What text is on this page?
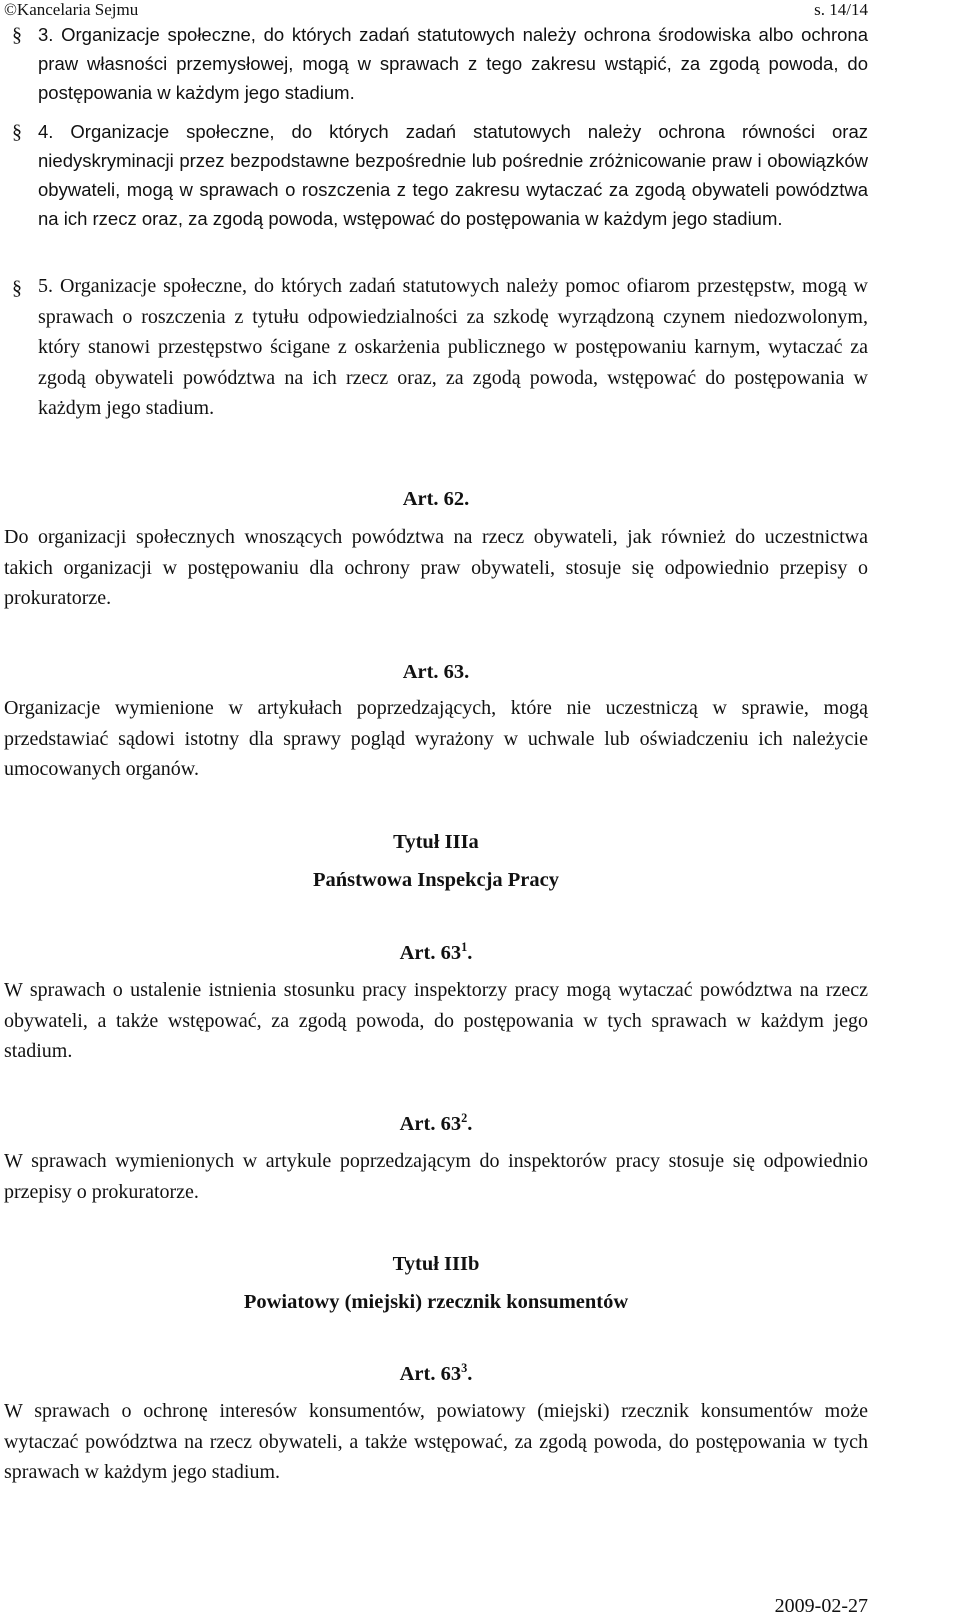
©Kancelaria Sejmu	s. 14/14
§ 3. Organizacje społeczne, do których zadań statutowych należy ochrona środowiska albo ochrona praw własności przemysłowej, mogą w sprawach z tego zakresu wstąpić, za zgodą powoda, do postępowania w każdym jego stadium.

§ 4. Organizacje społeczne, do których zadań statutowych należy ochrona równości oraz niedyskryminacji przez bezpodstawne bezpośrednie lub pośrednie zróżnicowanie praw i obowiązków obywateli, mogą w sprawach o roszczenia z tego zakresu wytaczać za zgodą obywateli powództwa na ich rzecz oraz, za zgodą powoda, wstępować do postępowania w każdym jego stadium.

§ 5. Organizacje społeczne, do których zadań statutowych należy pomoc ofiarom przestępstw, mogą w sprawach o roszczenia z tytułu odpowiedzialności za szkodę wyrządzoną czynem niedozwolonym, który stanowi przestępstwo ścigane z oskarżenia publicznego w postępowaniu karnym, wytaczać za zgodą obywateli powództwa na ich rzecz oraz, za zgodą powoda, wstępować do postępowania w każdym jego stadium.

Art. 62.

Do organizacji społecznych wnoszących powództwa na rzecz obywateli, jak również do uczestnictwa takich organizacji w postępowaniu dla ochrony praw obywateli, stosuje się odpowiednio przepisy o prokuratorze.

Art. 63.

Organizacje wymienione w artykułach poprzedzających, które nie uczestniczą w sprawie, mogą przedstawiać sądowi istotny dla sprawy pogląd wyrażony w uchwale lub oświadczeniu ich należycie umocowanych organów.

Tytuł IIIa
Państwowa Inspekcja Pracy
Art. $63^1$.

W sprawach o ustalenie istnienia stosunku pracy inspektorzy pracy mogą wytaczać powództwa na rzecz obywateli, a także wstępować, za zgodą powoda, do postępowania w tych sprawach w każdym jego stadium.

Art. $63^2$.

W sprawach wymienionych w artykule poprzedzającym do inspektorów pracy stosuje się odpowiednio przepisy o prokuratorze.

Tytuł IIIb
Powiatowy (miejski) rzecznik konsumentów
Art. $63^3$.

W sprawach o ochronę interesów konsumentów, powiatowy (miejski) rzecznik konsumentów może wytaczać powództwa na rzecz obywateli, a także wstępować, za zgodą powoda, do postępowania w tych sprawach w każdym jego stadium.

2009-02-27
